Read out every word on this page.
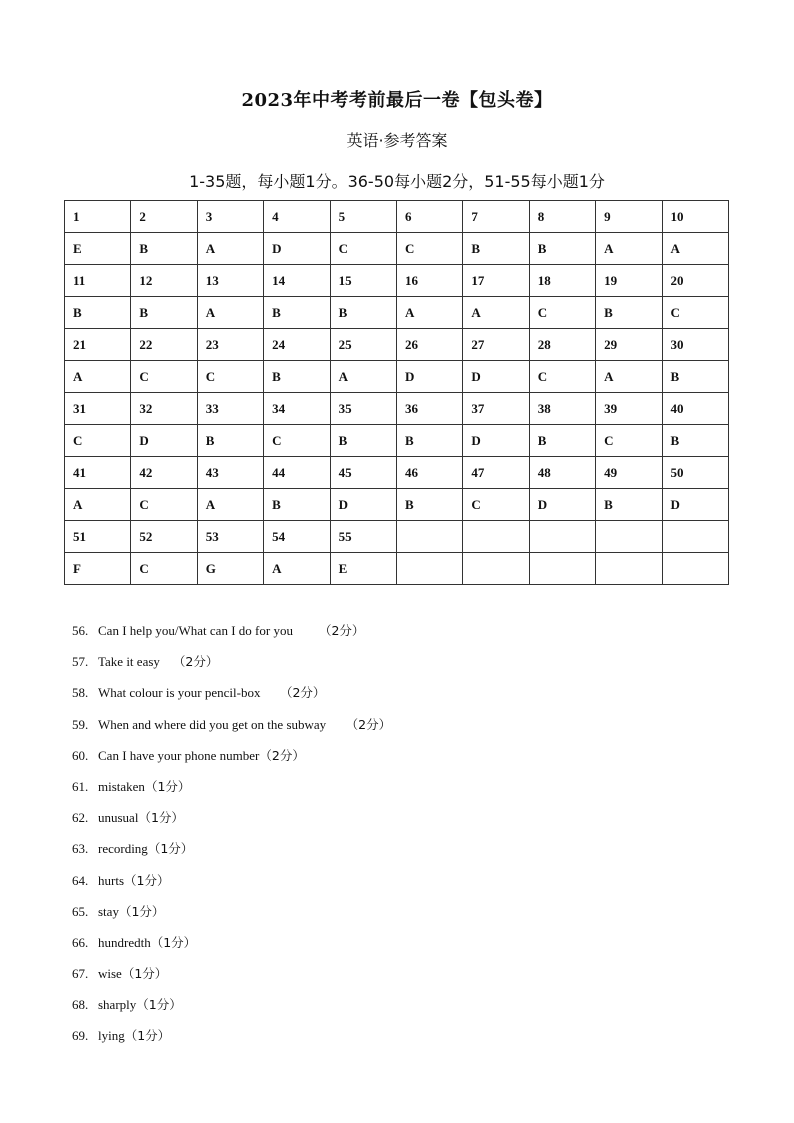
2023年中考考前最后一卷【包头卷】
英语·参考答案
1-35题，每小题1分。36-50每小题2分，51-55每小题1分
1	2	3	4	5	6	7	8	9	10
E	B	A	D	C	C	B	B	A	A
11	12	13	14	15	16	17	18	19	20
B	B	A	B	B	A	A	C	B	C
21	22	23	24	25	26	27	28	29	30
A	C	C	B	A	D	D	C	A	B
31	32	33	34	35	36	37	38	39	40
C	D	B	C	B	B	D	B	C	B
41	42	43	44	45	46	47	48	49	50
A	C	A	B	D	B	C	D	B	D
51	52	53	54	55					
F	C	G	A	E					
56. Can I help you/What can I do for you （2分）
57. Take it easy （2分）
58. What colour is your pencil-box （2分）
59. When and where did you get on the subway （2分）
60. Can I have your phone number（2分）
61. mistaken（1分）
62. unusual（1分）
63. recording（1分）
64. hurts（1分）
65. stay（1分）
66. hundredth（1分）
67. wise（1分）
68. sharply（1分）
69. lying（1分）
